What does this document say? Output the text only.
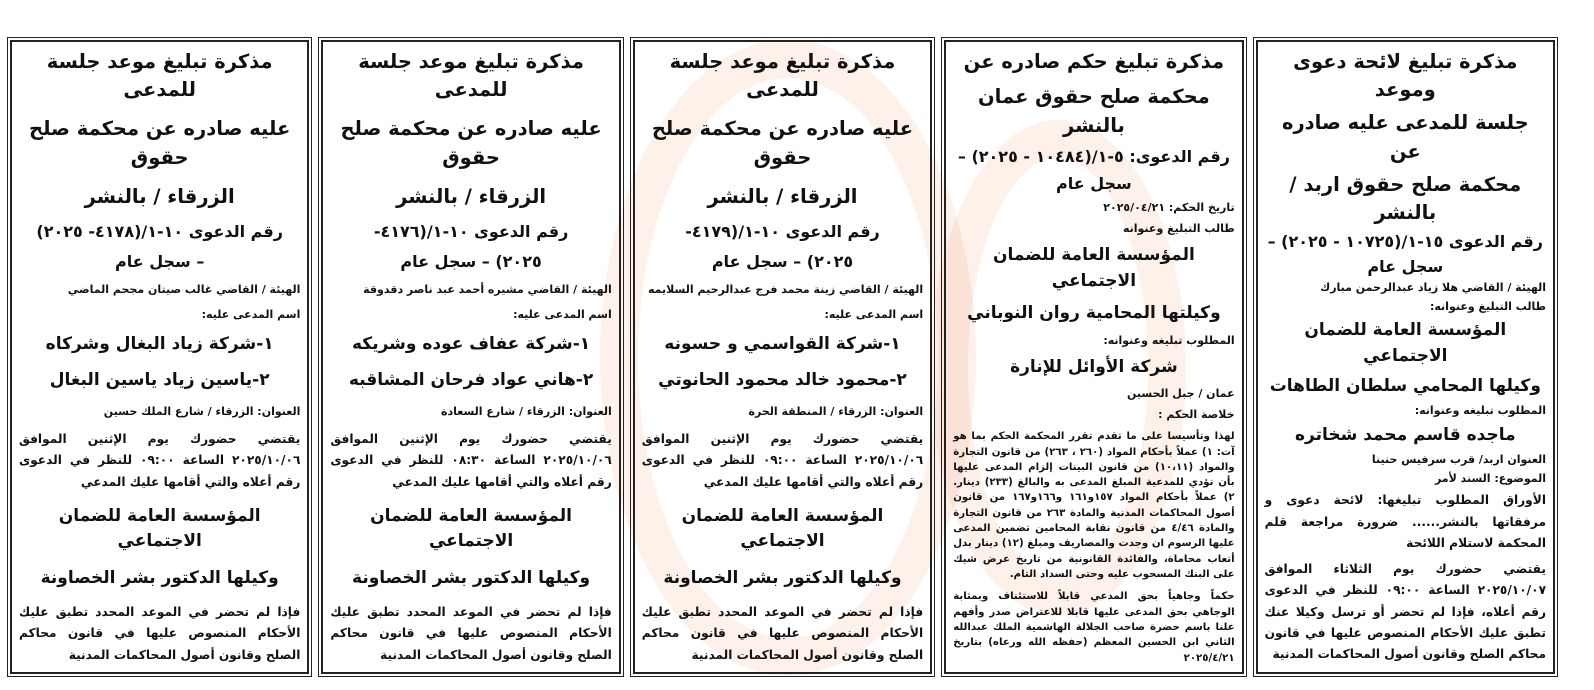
مذكرة تبليغ لائحة دعوى وموعد

جلسة للمدعى عليه صادره عن

محكمة صلح حقوق اربد / بالنشر

رقم الدعوى ١٥-١/(١٠٧٢٥ - ٢٠٢٥) –

سجل عام

الهيئة / القاضي هلا زياد عبدالرحمن مبارك

طالب التبليغ وعنوانه:

المؤسسة العامة للضمان الاجتماعي

وكيلها المحامي سلطان الطاهات

المطلوب تبليغه وعنوانه:

ماجده قاسم محمد شخاتره

العنوان اربد/ قرب سرفيس حنينا

الموضوع: السند لأمر

الأوراق المطلوب تبليغها: لائحة دعوى و مرفقاتها بالنشر...... ضرورة مراجعة قلم المحكمة لاستلام اللائحة

يقتضي حضورك يوم الثلاثاء الموافق ٢٠٢٥/١٠/٠٧ الساعة ٠٩:٠٠ للنظر في الدعوى رقم أعلاه، فإذا لم تحضر أو ترسل وكيلا عنك تطبق عليك الأحكام المنصوص عليها في قانون محاكم الصلح وقانون أصول المحاكمات المدنية

مذكرة تبليغ حكم صادره عن

محكمة صلح حقوق عمان بالنشر

رقم الدعوى: ٥-١/(١٠٤٨٤ - ٢٠٢٥) –

سجل عام

تاريخ الحكم: ٢٠٢٥/٠٤/٢١

طالب التبليغ وعنوانه

المؤسسة العامة للضمان الاجتماعي

وكيلتها المحامية روان النوباني

المطلوب تبليغه وعنوانه:

شركة الأوائل للإنارة

عمان / جبل الحسين

خلاصة الحكم :

لهذا وتأسيسا على ما تقدم تقرر المحكمة الحكم بما هو آت: ١) عملاً بأحكام المواد (٢٦٠ ، ٢٦٣) من قانون التجارة والمواد (١٠،١١) من قانون البينات إلزام المدعى عليها بأن تؤدي للمدعية المبلغ المدعى به والبالغ (٢٣٣) دينار. ٢) عملاً بأحكام المواد ١٥٧و١٦١ و١٦٦و١٦٧ من قانون أصول المحاكمات المدنية والمادة ٢٦٣ من قانون التجارة والمادة ٤/٤٦ من قانون نقابة المحامين تضمين المدعى عليها الرسوم ان وجدت والمصاريف ومبلغ (١٢) دينار بدل أتعاب محاماة، والفائدة القانونية من تاريخ عرض شيك على البنك المسحوب عليه وحتى السداد التام.

حكماً وجاهياً بحق المدعي قابلاً للاستئناف وبمثابة الوجاهي بحق المدعى عليها قابلا للاعتراض صدر وأفهم علنا باسم حضرة صاحب الجلالة الهاشمية الملك عبدالله الثاني ابن الحسين المعظم (حفظه الله ورعاه) بتاريخ ٢٠٢٥/٤/٢١

مذكرة تبليغ موعد جلسة للمدعى

عليه صادره عن محكمة صلح حقوق

الزرقاء / بالنشر

رقم الدعوى ١٠-١/(٤١٧٩-

٢٠٢٥) – سجل عام

الهيئة / القاضي زينة محمد فرج عبدالرحيم السلايمه

اسم المدعى عليه:

١-شركة القواسمي و حسونه

٢-محمود خالد محمود الحانوتي

العنوان: الزرقاء / المنطقة الحرة

يقتضي حضورك يوم الإثنين الموافق ٢٠٢٥/١٠/٠٦ الساعة ٠٩:٠٠ للنظر في الدعوى رقم أعلاه والتي أقامها عليك المدعي

المؤسسة العامة للضمان الاجتماعي

وكيلها الدكتور بشر الخصاونة

فإذا لم تحضر في الموعد المحدد تطبق عليك الأحكام المنصوص عليها في قانون محاكم الصلح وقانون أصول المحاكمات المدنية

مذكرة تبليغ موعد جلسة للمدعى

عليه صادره عن محكمة صلح حقوق

الزرقاء / بالنشر

رقم الدعوى ١٠-١/(٤١٧٦-

٢٠٢٥) – سجل عام

الهيئة / القاضي مشيره أحمد عبد ناصر دقدوقة

اسم المدعى عليه:

١-شركة عفاف عوده وشريكه

٢-هاني عواد فرحان المشاقبه

العنوان: الزرقاء / شارع السعادة

يقتضي حضورك يوم الإثنين الموافق ٢٠٢٥/١٠/٠٦ الساعة ٠٨:٣٠ للنظر في الدعوى رقم أعلاه والتي أقامها عليك المدعي

المؤسسة العامة للضمان الاجتماعي

وكيلها الدكتور بشر الخصاونة

فإذا لم تحضر في الموعد المحدد تطبق عليك الأحكام المنصوص عليها في قانون محاكم الصلح وقانون أصول المحاكمات المدنية

مذكرة تبليغ موعد جلسة للمدعى

عليه صادره عن محكمة صلح حقوق

الزرقاء / بالنشر

رقم الدعوى ١٠-١/(٤١٧٨- ٢٠٢٥)

– سجل عام

الهيئة / القاضي غالب صيتان مجحم الماضي

اسم المدعى عليه:

١-شركة زياد البغال وشركاه

٢-ياسين زياد ياسين البغال

العنوان: الزرقاء / شارع الملك حسين

يقتضي حضورك يوم الإثنين الموافق ٢٠٢٥/١٠/٠٦ الساعة ٠٩:٠٠ للنظر في الدعوى رقم أعلاه والتي أقامها عليك المدعي

المؤسسة العامة للضمان الاجتماعي

وكيلها الدكتور بشر الخصاونة

فإذا لم تحضر في الموعد المحدد تطبق عليك الأحكام المنصوص عليها في قانون محاكم الصلح وقانون أصول المحاكمات المدنية
